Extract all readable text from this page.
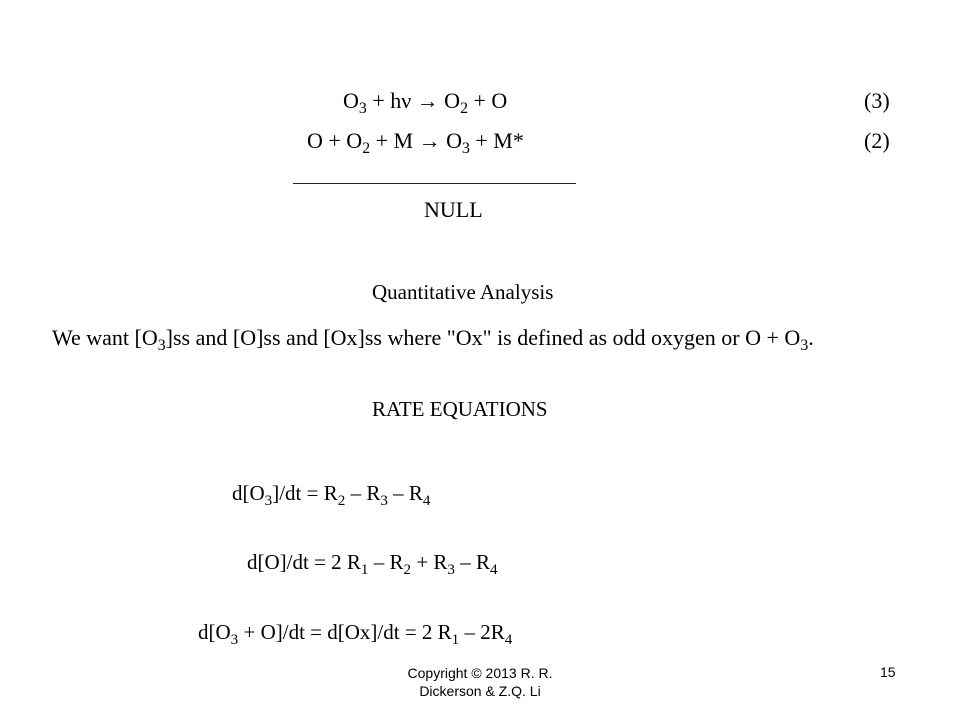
$O_3 + h\nu \to O_2 + O$	(3)
$O + O_2 + M \to O_3 + M*$	(2)
NULL
Quantitative Analysis
We want $[O_3]ss$ and [O]ss and [Ox]ss where "Ox" is defined as odd oxygen or $O + O_3$.
RATE EQUATIONS
$d[O_3]/dt = R_2 - R_3 - R_4$
d[O]/dt = 2 $R_1 - R_2 + R_3 - R_4$
$d[O_3 + O]/dt = d[Ox]/dt = 2$ $R_1 - 2R_4$
Copyright © 2013 R. R.
Dickerson & Z.Q. Li
15
